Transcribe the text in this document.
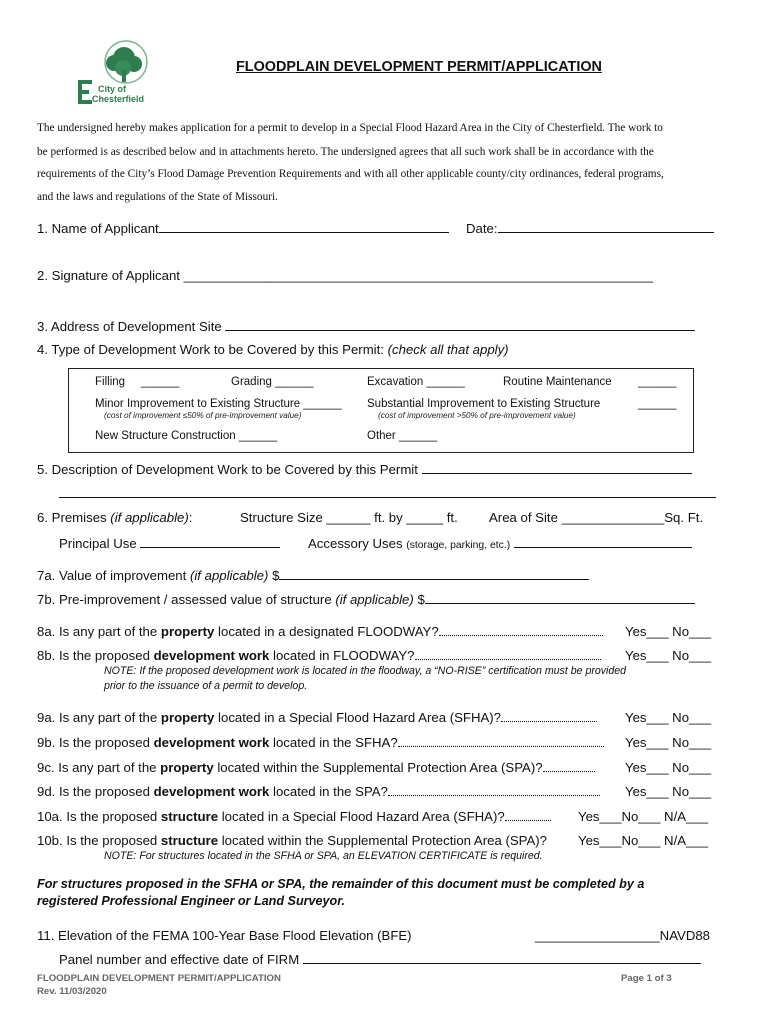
City of
Chesterfield
FLOODPLAIN DEVELOPMENT PERMIT/APPLICATION
The undersigned hereby makes application for a permit to develop in a Special Flood Hazard Area in the City of Chesterfield. The work to
be performed is as described below and in attachments hereto. The undersigned agrees that all such work shall be in accordance with the
requirements of the City’s Flood Damage Prevention Requirements and with all other applicable county/city ordinances, federal programs,
and the laws and regulations of the State of Missouri.
1. Name of Applicant	Date:
2. Signature of Applicant ________________________________________________________________
3. Address of Development Site
4. Type of Development Work to be Covered by this Permit: (check all that apply)
Filling ______	Grading ______	Excavation ______	Routine Maintenance ______
Minor Improvement to Existing Structure ______
(cost of improvement ≤50% of pre-improvement value)
Substantial Improvement to Existing Structure	______
(cost of improvement >50% of pre-improvement value)
New Structure Construction ______	Other ______
5. Description of Development Work to be Covered by this Permit
6. Premises (if applicable):	Structure Size ______ ft. by _____ ft. Area of Site ______________Sq. Ft.
Principal Use	Accessory Uses (storage, parking, etc.)
7a. Value of improvement (if applicable) $
7b. Pre-improvement / assessed value of structure (if applicable) $
8a. Is any part of the property located in a designated FLOODWAY?	Yes___ No___
8b. Is the proposed development work located in FLOODWAY?	Yes___ No___
NOTE: If the proposed development work is located in the floodway, a “NO-RISE” certification must be provided
prior to the issuance of a permit to develop.
9a. Is any part of the property located in a Special Flood Hazard Area (SFHA)?	Yes___ No___
9b. Is the proposed development work located in the SFHA?	Yes___ No___
9c. Is any part of the property located within the Supplemental Protection Area (SPA)?	Yes___ No___
9d. Is the proposed development work located in the SPA?	Yes___ No___
10a. Is the proposed structure located in a Special Flood Hazard Area (SFHA)?	Yes___No___ N/A___
10b. Is the proposed structure located within the Supplemental Protection Area (SPA)? Yes___No___ N/A___
NOTE: For structures located in the SFHA or SPA, an ELEVATION CERTIFICATE is required.
For structures proposed in the SFHA or SPA, the remainder of this document must be completed by a
registered Professional Engineer or Land Surveyor.
11. Elevation of the FEMA 100-Year Base Flood Elevation (BFE)	_________________NAVD88
Panel number and effective date of FIRM
FLOODPLAIN DEVELOPMENT PERMIT/APPLICATION
Rev. 11/03/2020
Page 1 of 3
